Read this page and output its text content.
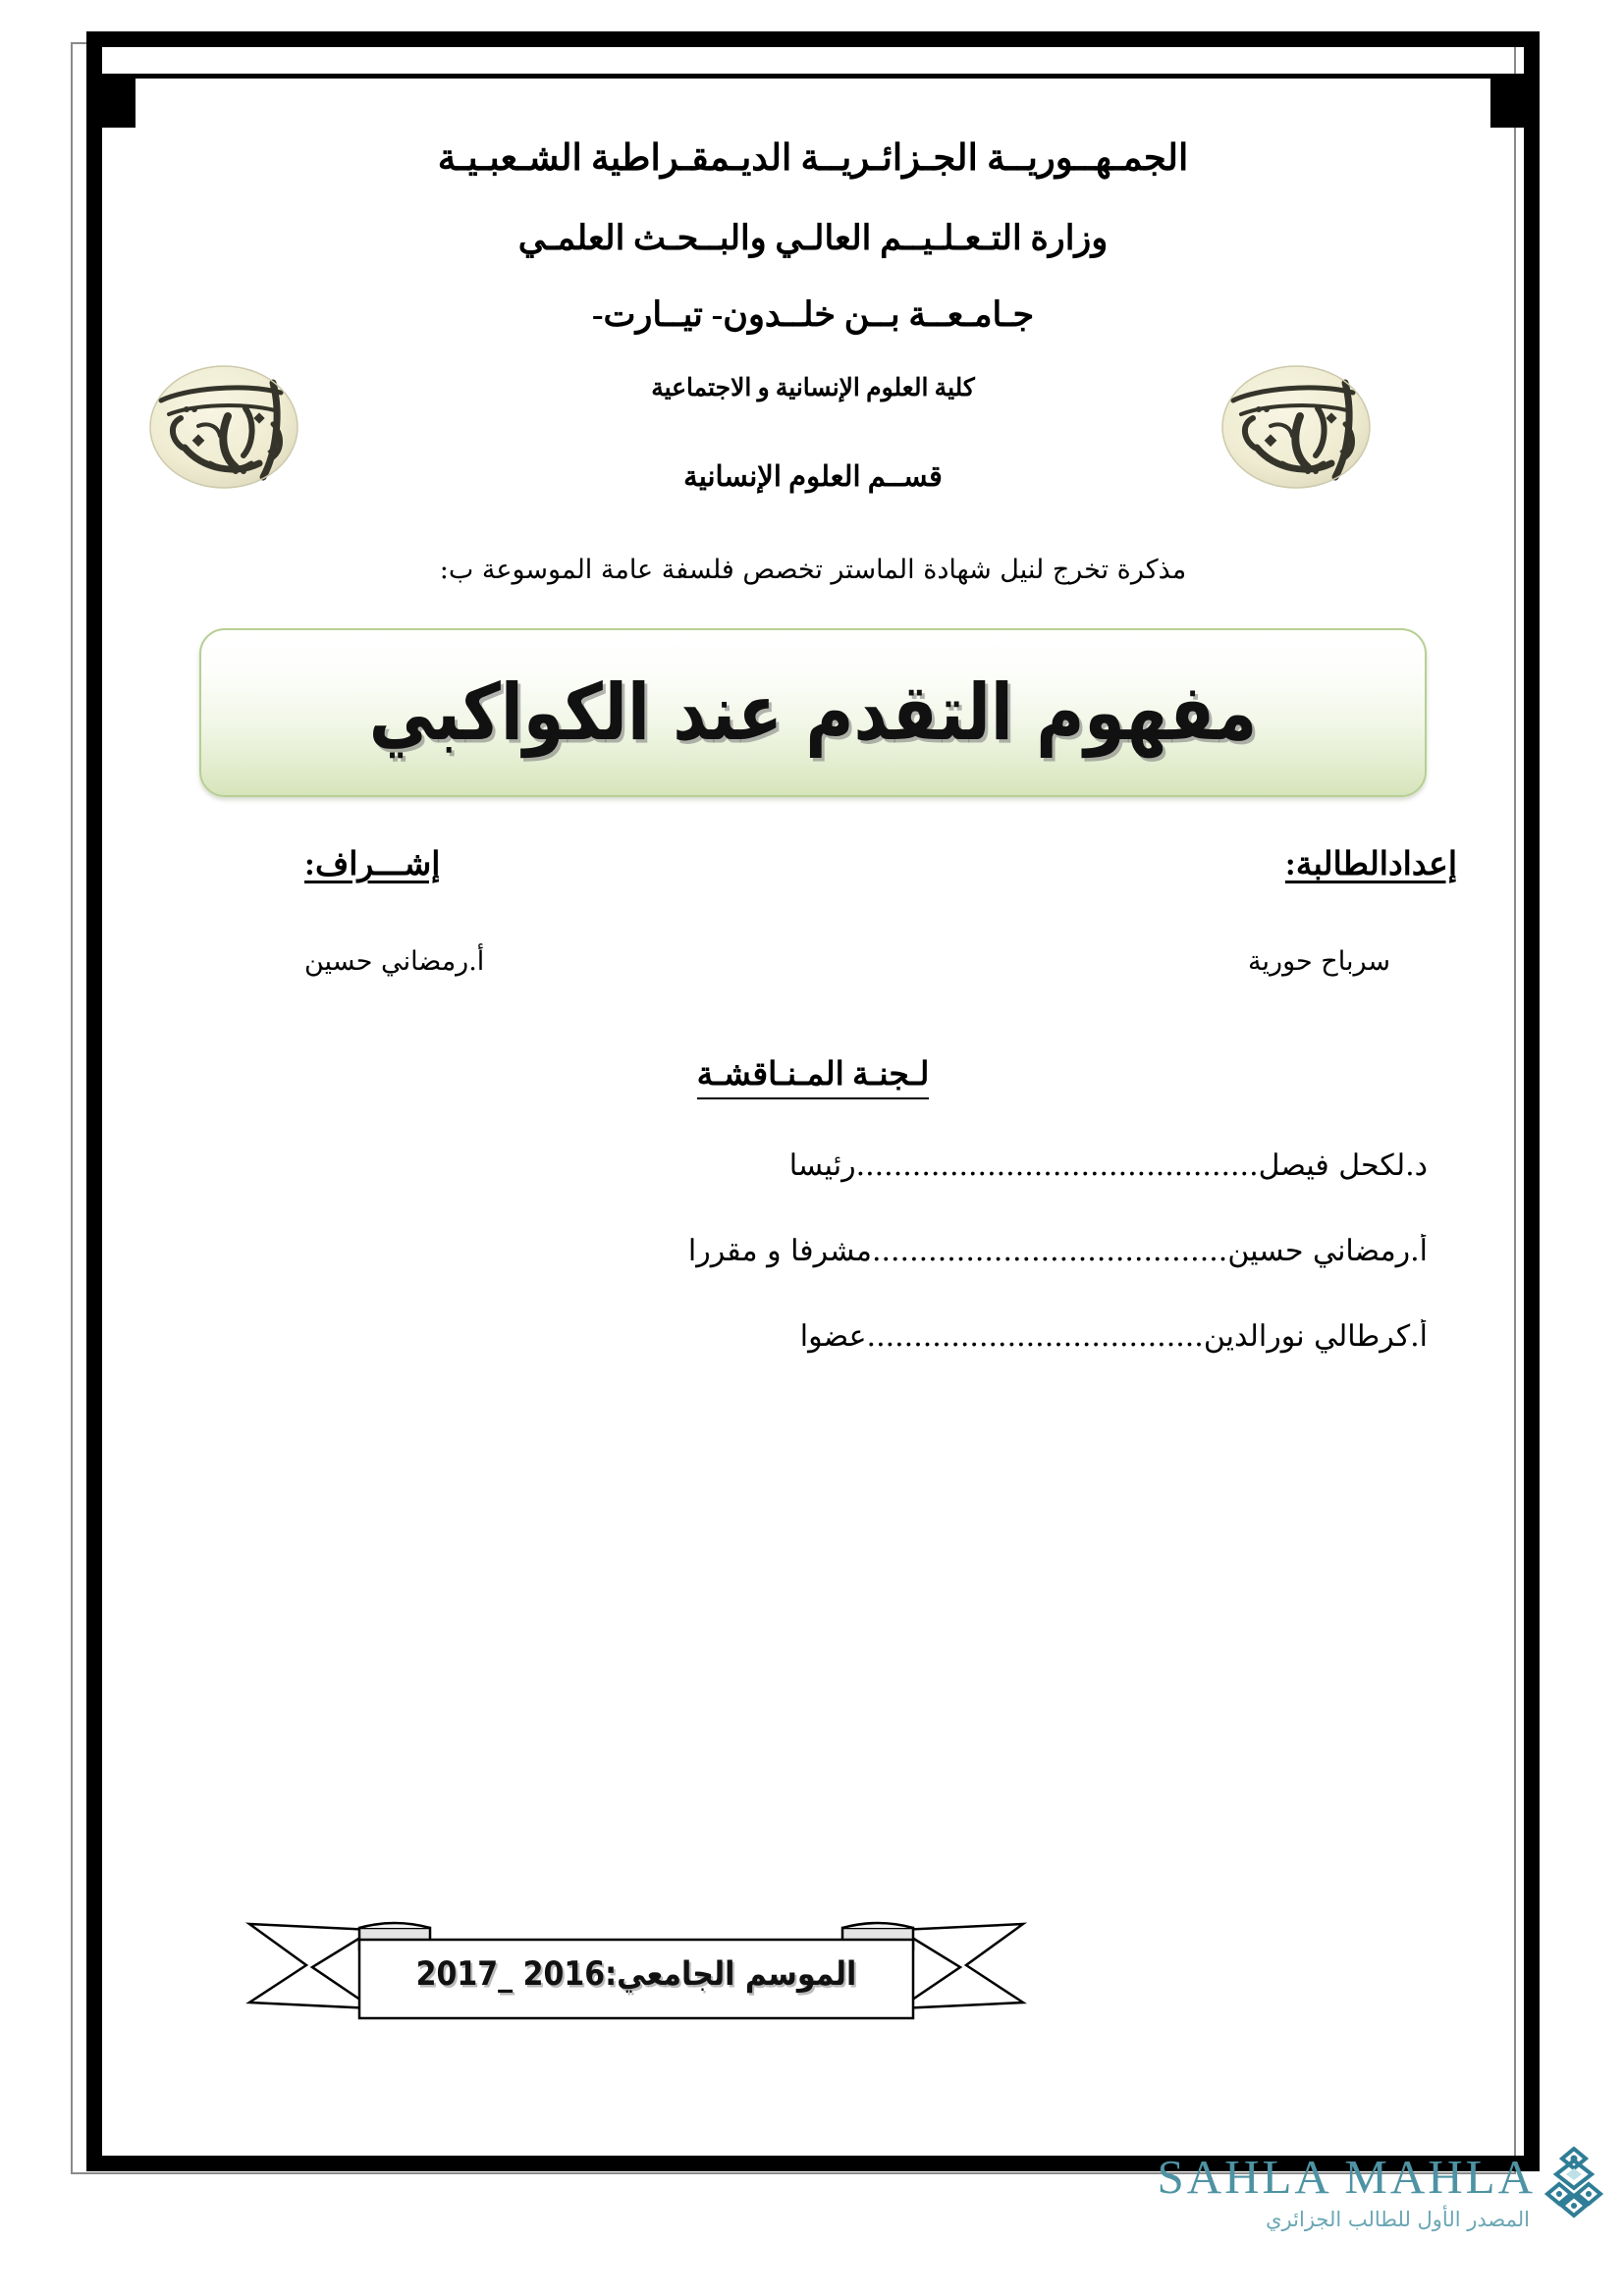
الجمـهــوريــة الجـزائـريــة الديـمقـراطية الشـعبـيـة
وزارة التـعـلـيــم العالـي والبــحـث العلمـي
جـامـعــة بــن خلــدون- تيــارت-
كلية العلوم الإنسانية و الاجتماعية
قســم العلوم الإنسانية
مذكرة تخرج لنيل شهادة الماستر تخصص فلسفة عامة الموسوعة ب:
مفهوم التقدم عند الكواكبي
إعدادالطالبة:
إشـــراف:
سرباح حورية
أ.رمضاني حسين
لـجنـة المـنـاقشـة
د.لكحل فيصل...........................................رئيسا
أ.رمضاني حسين......................................مشرفا و مقررا
أ.كرطالي نورالدين....................................عضوا
الموسم الجامعي:2016 _2017
SAHLA MAHLA
المصدر الأول للطالب الجزائري
